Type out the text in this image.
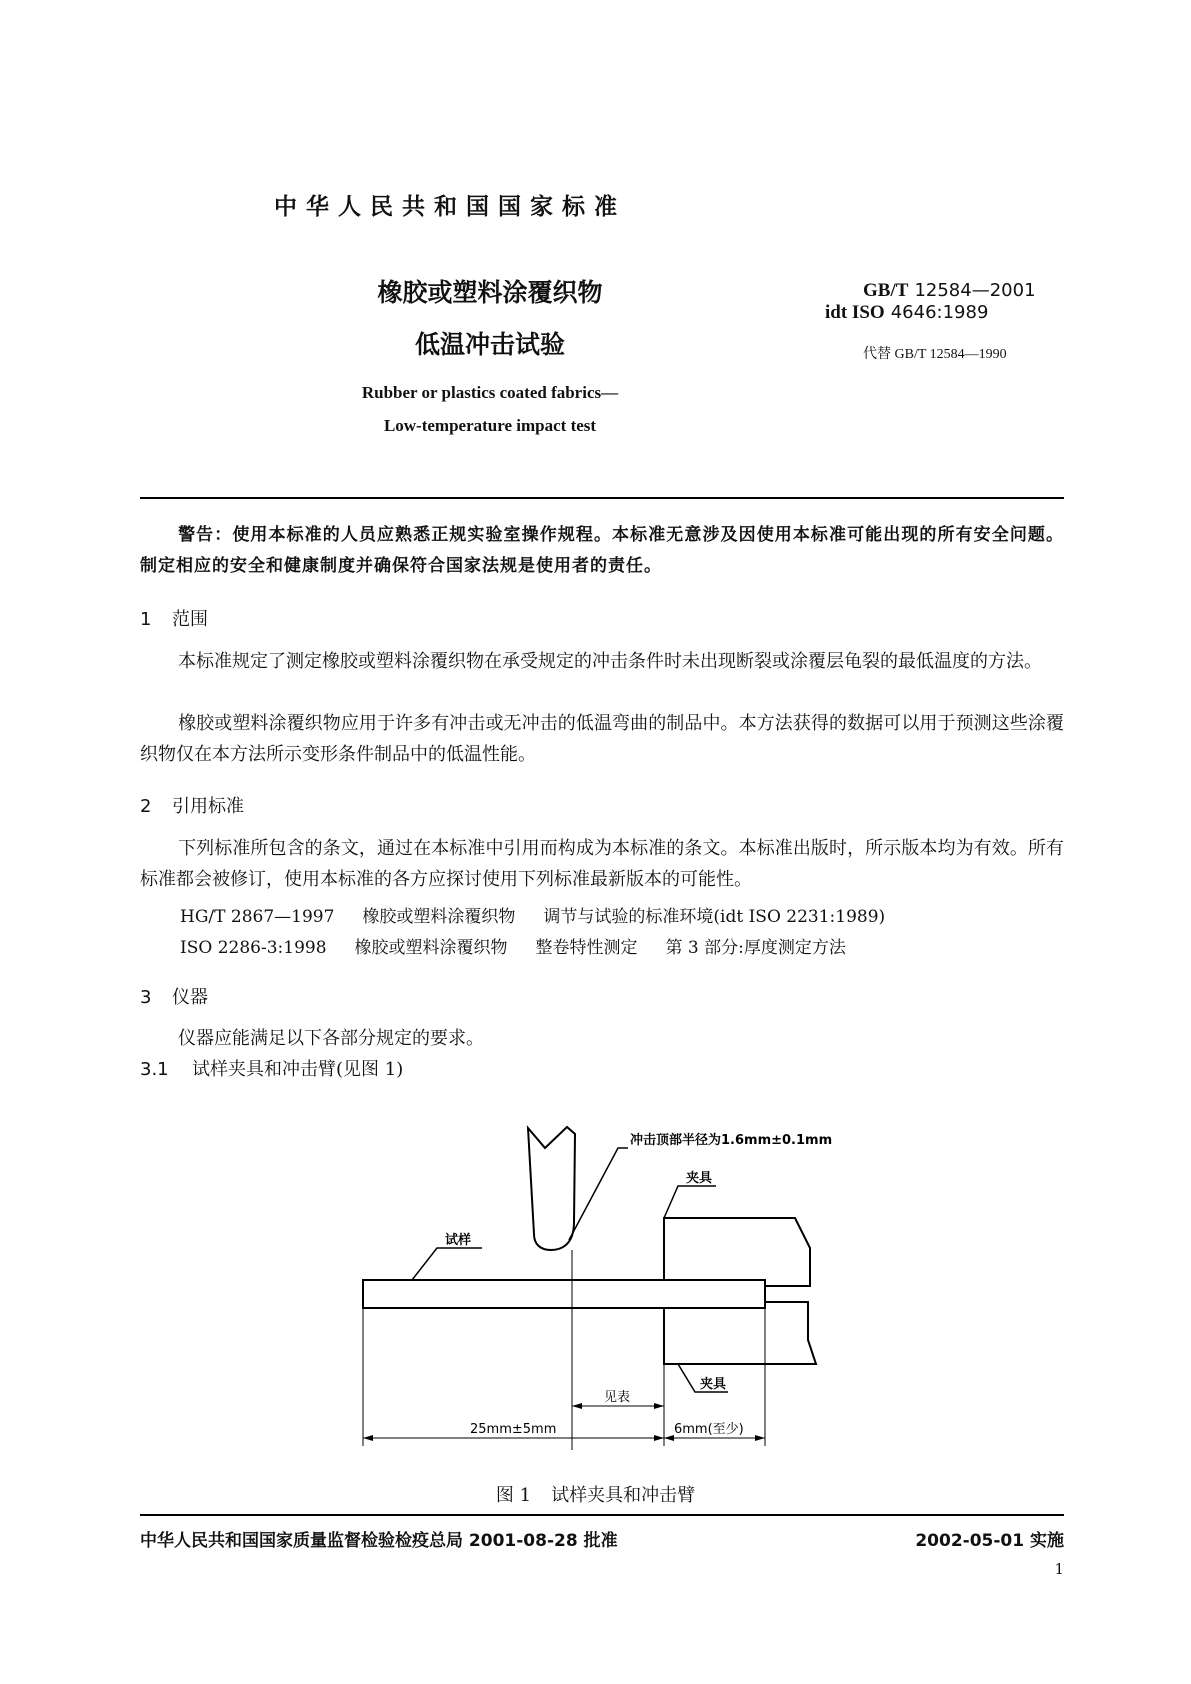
中华人民共和国国家标准
橡胶或塑料涂覆织物
低温冲击试验
GB/T 12584—2001
idt ISO 4646:1989
代替 GB/T 12584—1990
Rubber or plastics coated fabrics—
Low-temperature impact test
警告：使用本标准的人员应熟悉正规实验室操作规程。本标准无意涉及因使用本标准可能出现的所有安全问题。制定相应的安全和健康制度并确保符合国家法规是使用者的责任。
1 范围
本标准规定了测定橡胶或塑料涂覆织物在承受规定的冲击条件时未出现断裂或涂覆层龟裂的最低温度的方法。
橡胶或塑料涂覆织物应用于许多有冲击或无冲击的低温弯曲的制品中。本方法获得的数据可以用于预测这些涂覆织物仅在本方法所示变形条件制品中的低温性能。
2 引用标准
下列标准所包含的条文，通过在本标准中引用而构成为本标准的条文。本标准出版时，所示版本均为有效。所有标准都会被修订，使用本标准的各方应探讨使用下列标准最新版本的可能性。
HG/T 2867—1997 橡胶或塑料涂覆织物 调节与试验的标准环境(idt ISO 2231:1989)
ISO 2286-3:1998 橡胶或塑料涂覆织物 整卷特性测定 第 3 部分:厚度测定方法
3 仪器
仪器应能满足以下各部分规定的要求。
3.1 试样夹具和冲击臂(见图 1)
冲击顶部半径为1.6mm±0.1mm
夹具
试样
夹具
见表
25mm±5mm	6mm(至少)
图 1 试样夹具和冲击臂
中华人民共和国国家质量监督检验检疫总局 2001-08-28 批准	2002-05-01 实施
1
